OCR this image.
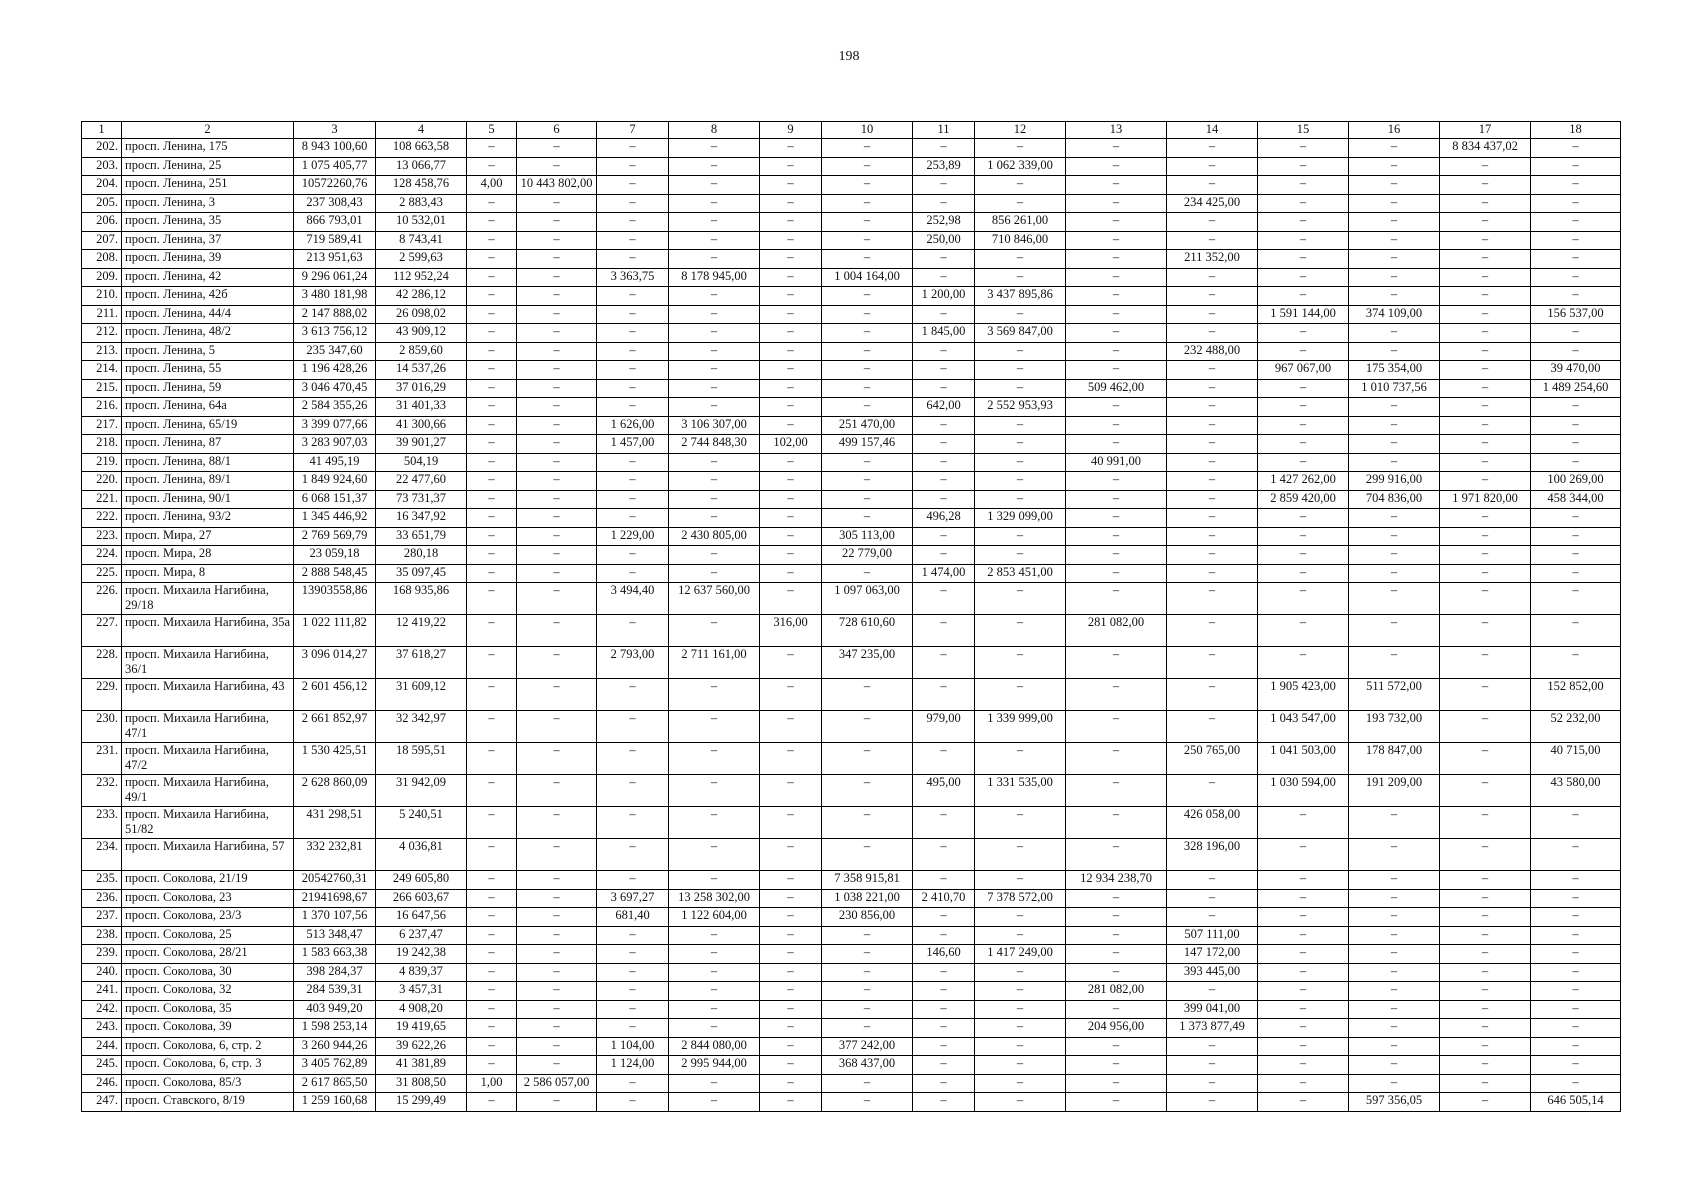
198
1	2	3	4	5	6	7	8	9	10	11	12	13	14	15	16	17	18
202.	просп. Ленина, 175	8 943 100,60	108 663,58	–	–	–	–	–	–	–	–	–	–	–	–	8 834 437,02	–
203.	просп. Ленина, 25	1 075 405,77	13 066,77	–	–	–	–	–	–	253,89	1 062 339,00	–	–	–	–	–	–
204.	просп. Ленина, 251	10572260,76	128 458,76	4,00	10 443 802,00	–	–	–	–	–	–	–	–	–	–	–	–
205.	просп. Ленина, 3	237 308,43	2 883,43	–	–	–	–	–	–	–	–	–	234 425,00	–	–	–	–
206.	просп. Ленина, 35	866 793,01	10 532,01	–	–	–	–	–	–	252,98	856 261,00	–	–	–	–	–	–
207.	просп. Ленина, 37	719 589,41	8 743,41	–	–	–	–	–	–	250,00	710 846,00	–	–	–	–	–	–
208.	просп. Ленина, 39	213 951,63	2 599,63	–	–	–	–	–	–	–	–	–	211 352,00	–	–	–	–
209.	просп. Ленина, 42	9 296 061,24	112 952,24	–	–	3 363,75	8 178 945,00	–	1 004 164,00	–	–	–	–	–	–	–	–
210.	просп. Ленина, 42б	3 480 181,98	42 286,12	–	–	–	–	–	–	1 200,00	3 437 895,86	–	–	–	–	–	–
211.	просп. Ленина, 44/4	2 147 888,02	26 098,02	–	–	–	–	–	–	–	–	–	–	1 591 144,00	374 109,00	–	156 537,00
212.	просп. Ленина, 48/2	3 613 756,12	43 909,12	–	–	–	–	–	–	1 845,00	3 569 847,00	–	–	–	–	–	–
213.	просп. Ленина, 5	235 347,60	2 859,60	–	–	–	–	–	–	–	–	–	232 488,00	–	–	–	–
214.	просп. Ленина, 55	1 196 428,26	14 537,26	–	–	–	–	–	–	–	–	–	–	967 067,00	175 354,00	–	39 470,00
215.	просп. Ленина, 59	3 046 470,45	37 016,29	–	–	–	–	–	–	–	–	509 462,00	–	–	1 010 737,56	–	1 489 254,60
216.	просп. Ленина, 64а	2 584 355,26	31 401,33	–	–	–	–	–	–	642,00	2 552 953,93	–	–	–	–	–	–
217.	просп. Ленина, 65/19	3 399 077,66	41 300,66	–	–	1 626,00	3 106 307,00	–	251 470,00	–	–	–	–	–	–	–	–
218.	просп. Ленина, 87	3 283 907,03	39 901,27	–	–	1 457,00	2 744 848,30	102,00	499 157,46	–	–	–	–	–	–	–	–
219.	просп. Ленина, 88/1	41 495,19	504,19	–	–	–	–	–	–	–	–	40 991,00	–	–	–	–	–
220.	просп. Ленина, 89/1	1 849 924,60	22 477,60	–	–	–	–	–	–	–	–	–	–	1 427 262,00	299 916,00	–	100 269,00
221.	просп. Ленина, 90/1	6 068 151,37	73 731,37	–	–	–	–	–	–	–	–	–	–	2 859 420,00	704 836,00	1 971 820,00	458 344,00
222.	просп. Ленина, 93/2	1 345 446,92	16 347,92	–	–	–	–	–	–	496,28	1 329 099,00	–	–	–	–	–	–
223.	просп. Мира, 27	2 769 569,79	33 651,79	–	–	1 229,00	2 430 805,00	–	305 113,00	–	–	–	–	–	–	–	–
224.	просп. Мира, 28	23 059,18	280,18	–	–	–	–	–	22 779,00	–	–	–	–	–	–	–	–
225.	просп. Мира, 8	2 888 548,45	35 097,45	–	–	–	–	–	–	1 474,00	2 853 451,00	–	–	–	–	–	–
226.	просп. Михаила Нагибина, 29/18	13903558,86	168 935,86	–	–	3 494,40	12 637 560,00	–	1 097 063,00	–	–	–	–	–	–	–	–
227.	просп. Михаила Нагибина, 35а	1 022 111,82	12 419,22	–	–	–	–	316,00	728 610,60	–	–	281 082,00	–	–	–	–	–
228.	просп. Михаила Нагибина, 36/1	3 096 014,27	37 618,27	–	–	2 793,00	2 711 161,00	–	347 235,00	–	–	–	–	–	–	–	–
229.	просп. Михаила Нагибина, 43	2 601 456,12	31 609,12	–	–	–	–	–	–	–	–	–	–	1 905 423,00	511 572,00	–	152 852,00
230.	просп. Михаила Нагибина, 47/1	2 661 852,97	32 342,97	–	–	–	–	–	–	979,00	1 339 999,00	–	–	1 043 547,00	193 732,00	–	52 232,00
231.	просп. Михаила Нагибина, 47/2	1 530 425,51	18 595,51	–	–	–	–	–	–	–	–	–	250 765,00	1 041 503,00	178 847,00	–	40 715,00
232.	просп. Михаила Нагибина, 49/1	2 628 860,09	31 942,09	–	–	–	–	–	–	495,00	1 331 535,00	–	–	1 030 594,00	191 209,00	–	43 580,00
233.	просп. Михаила Нагибина, 51/82	431 298,51	5 240,51	–	–	–	–	–	–	–	–	–	426 058,00	–	–	–	–
234.	просп. Михаила Нагибина, 57	332 232,81	4 036,81	–	–	–	–	–	–	–	–	–	328 196,00	–	–	–	–
235.	просп. Соколова, 21/19	20542760,31	249 605,80	–	–	–	–	–	7 358 915,81	–	–	12 934 238,70	–	–	–	–	–
236.	просп. Соколова, 23	21941698,67	266 603,67	–	–	3 697,27	13 258 302,00	–	1 038 221,00	2 410,70	7 378 572,00	–	–	–	–	–	–
237.	просп. Соколова, 23/3	1 370 107,56	16 647,56	–	–	681,40	1 122 604,00	–	230 856,00	–	–	–	–	–	–	–	–
238.	просп. Соколова, 25	513 348,47	6 237,47	–	–	–	–	–	–	–	–	–	507 111,00	–	–	–	–
239.	просп. Соколова, 28/21	1 583 663,38	19 242,38	–	–	–	–	–	–	146,60	1 417 249,00	–	147 172,00	–	–	–	–
240.	просп. Соколова, 30	398 284,37	4 839,37	–	–	–	–	–	–	–	–	–	393 445,00	–	–	–	–
241.	просп. Соколова, 32	284 539,31	3 457,31	–	–	–	–	–	–	–	–	281 082,00	–	–	–	–	–
242.	просп. Соколова, 35	403 949,20	4 908,20	–	–	–	–	–	–	–	–	–	399 041,00	–	–	–	–
243.	просп. Соколова, 39	1 598 253,14	19 419,65	–	–	–	–	–	–	–	–	204 956,00	1 373 877,49	–	–	–	–
244.	просп. Соколова, 6, стр. 2	3 260 944,26	39 622,26	–	–	1 104,00	2 844 080,00	–	377 242,00	–	–	–	–	–	–	–	–
245.	просп. Соколова, 6, стр. 3	3 405 762,89	41 381,89	–	–	1 124,00	2 995 944,00	–	368 437,00	–	–	–	–	–	–	–	–
246.	просп. Соколова, 85/3	2 617 865,50	31 808,50	1,00	2 586 057,00	–	–	–	–	–	–	–	–	–	–	–	–
247.	просп. Ставского, 8/19	1 259 160,68	15 299,49	–	–	–	–	–	–	–	–	–	–	–	597 356,05	–	646 505,14
